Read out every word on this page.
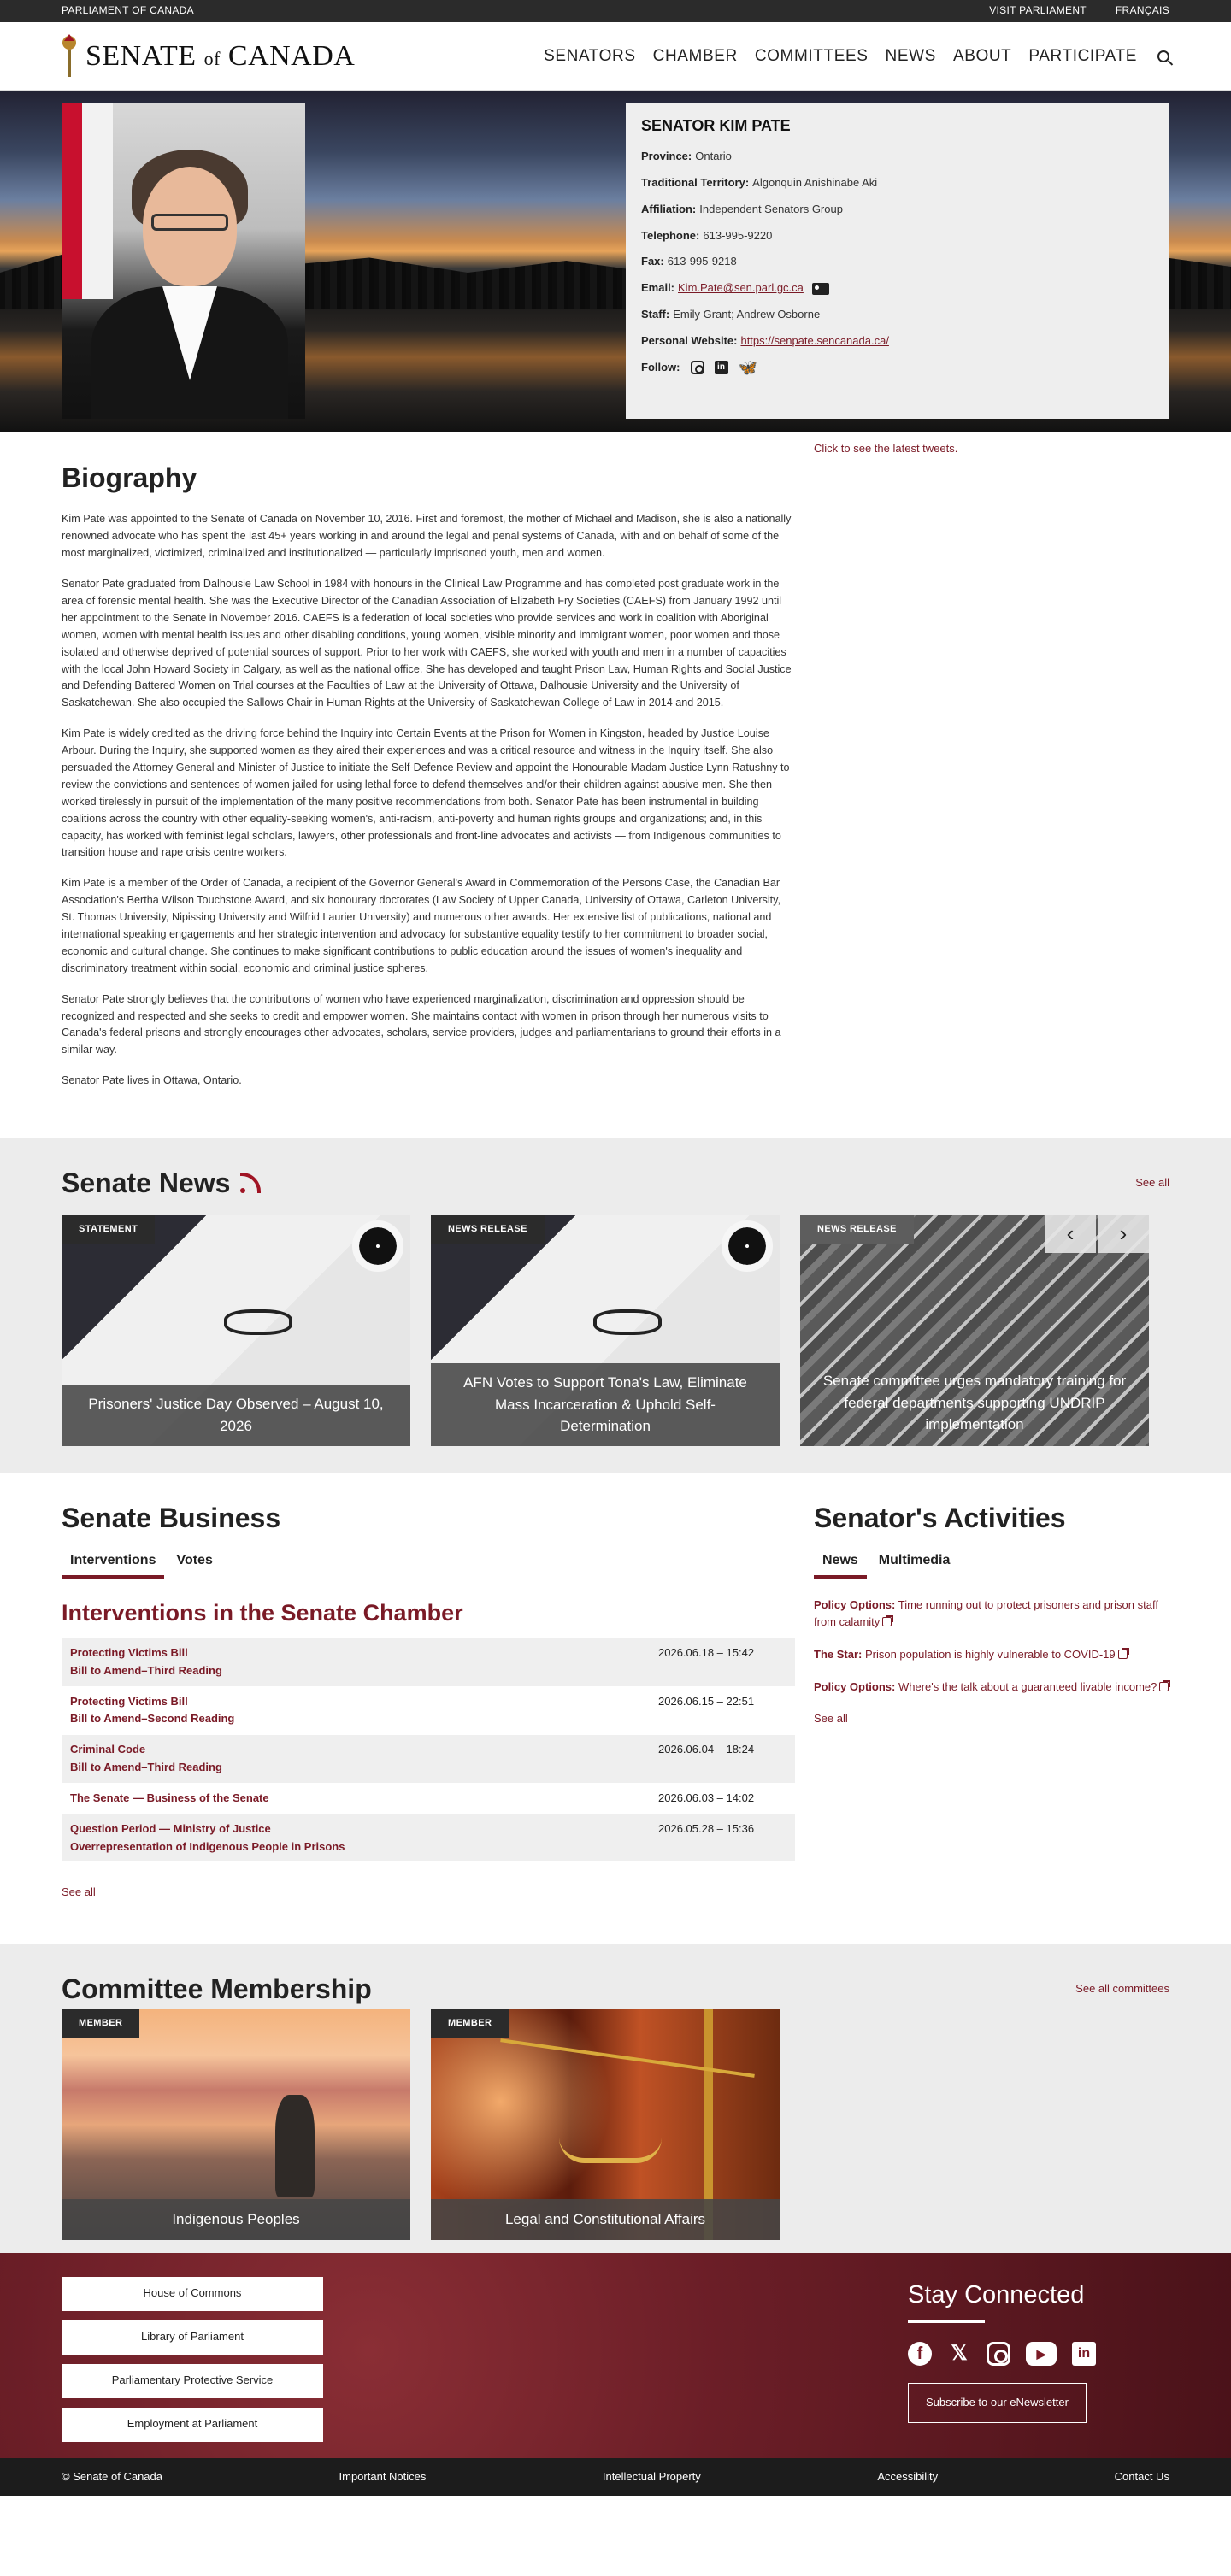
PARLIAMENT OF CANADA	VISIT PARLIAMENT	FRANÇAIS
SENATE of CANADA	SENATORS CHAMBER COMMITTEES NEWS ABOUT PARTICIPATE
SENATOR KIM PATE
Province: Ontario
Traditional Territory: Algonquin Anishinabe Aki
Affiliation: Independent Senators Group
Telephone: 613-995-9220
Fax: 613-995-9218
Email: Kim.Pate@sen.parl.gc.ca
Staff: Emily Grant; Andrew Osborne
Personal Website: https://senpate.sencanada.ca/
Follow:	in 🦋
Biography

Kim Pate was appointed to the Senate of Canada on November 10, 2016. First and foremost, the mother of Michael and Madison, she is also a nationally renowned advocate who has spent the last 45+ years working in and around the legal and penal systems of Canada, with and on behalf of some of the most marginalized, victimized, criminalized and institutionalized — particularly imprisoned youth, men and women.

Senator Pate graduated from Dalhousie Law School in 1984 with honours in the Clinical Law Programme and has completed post graduate work in the area of forensic mental health. She was the Executive Director of the Canadian Association of Elizabeth Fry Societies (CAEFS) from January 1992 until her appointment to the Senate in November 2016. CAEFS is a federation of local societies who provide services and work in coalition with Aboriginal women, women with mental health issues and other disabling conditions, young women, visible minority and immigrant women, poor women and those isolated and otherwise deprived of potential sources of support. Prior to her work with CAEFS, she worked with youth and men in a number of capacities with the local John Howard Society in Calgary, as well as the national office. She has developed and taught Prison Law, Human Rights and Social Justice and Defending Battered Women on Trial courses at the Faculties of Law at the University of Ottawa, Dalhousie University and the University of Saskatchewan. She also occupied the Sallows Chair in Human Rights at the University of Saskatchewan College of Law in 2014 and 2015.

Kim Pate is widely credited as the driving force behind the Inquiry into Certain Events at the Prison for Women in Kingston, headed by Justice Louise Arbour. During the Inquiry, she supported women as they aired their experiences and was a critical resource and witness in the Inquiry itself. She also persuaded the Attorney General and Minister of Justice to initiate the Self-Defence Review and appoint the Honourable Madam Justice Lynn Ratushny to review the convictions and sentences of women jailed for using lethal force to defend themselves and/or their children against abusive men. She then worked tirelessly in pursuit of the implementation of the many positive recommendations from both. Senator Pate has been instrumental in building coalitions across the country with other equality-seeking women's, anti-racism, anti-poverty and human rights groups and organizations; and, in this capacity, has worked with feminist legal scholars, lawyers, other professionals and front-line advocates and activists — from Indigenous communities to transition house and rape crisis centre workers.

Kim Pate is a member of the Order of Canada, a recipient of the Governor General's Award in Commemoration of the Persons Case, the Canadian Bar Association's Bertha Wilson Touchstone Award, and six honourary doctorates (Law Society of Upper Canada, University of Ottawa, Carleton University, St. Thomas University, Nipissing University and Wilfrid Laurier University) and numerous other awards. Her extensive list of publications, national and international speaking engagements and her strategic intervention and advocacy for substantive equality testify to her commitment to broader social, economic and cultural change. She continues to make significant contributions to public education around the issues of women's inequality and discriminatory treatment within social, economic and criminal justice spheres.

Senator Pate strongly believes that the contributions of women who have experienced marginalization, discrimination and oppression should be recognized and respected and she seeks to credit and empower women. She maintains contact with women in prison through her numerous visits to Canada's federal prisons and strongly encourages other advocates, scholars, service providers, judges and parliamentarians to ground their efforts in a similar way.

Senator Pate lives in Ottawa, Ontario.

Click to see the latest tweets.
Senate News	See all
STATEMENT
Prisoners' Justice Day Observed – August 10, 2026
NEWS RELEASE
AFN Votes to Support Tona's Law, Eliminate Mass Incarceration & Uphold Self-Determination
NEWS RELEASE	‹	›
Senate committee urges mandatory training for federal departments supporting UNDRIP implementation
Senate Business
Interventions	Votes
Interventions in the Senate Chamber
Protecting Victims Bill
Bill to Amend–Third Reading
2026.06.18 – 15:42
Protecting Victims Bill
Bill to Amend–Second Reading
2026.06.15 – 22:51
Criminal Code
Bill to Amend–Third Reading
2026.06.04 – 18:24
The Senate — Business of the Senate	2026.06.03 – 14:02
Question Period — Ministry of Justice
Overrepresentation of Indigenous People in Prisons
2026.05.28 – 15:36
See all
Senator's Activities
News	Multimedia
Policy Options: Time running out to protect prisoners and prison staff from calamity
The Star: Prison population is highly vulnerable to COVID-19
Policy Options: Where's the talk about a guaranteed livable income?
See all
Committee Membership	See all committees
MEMBER
Indigenous Peoples
MEMBER
Legal and Constitutional Affairs
House of Commons
Library of Parliament
Parliamentary Protective Service
Employment at Parliament
Stay Connected
f	𝕏	▶	in
Subscribe to our eNewsletter
© Senate of Canada	Important Notices	Intellectual Property	Accessibility	Contact Us
